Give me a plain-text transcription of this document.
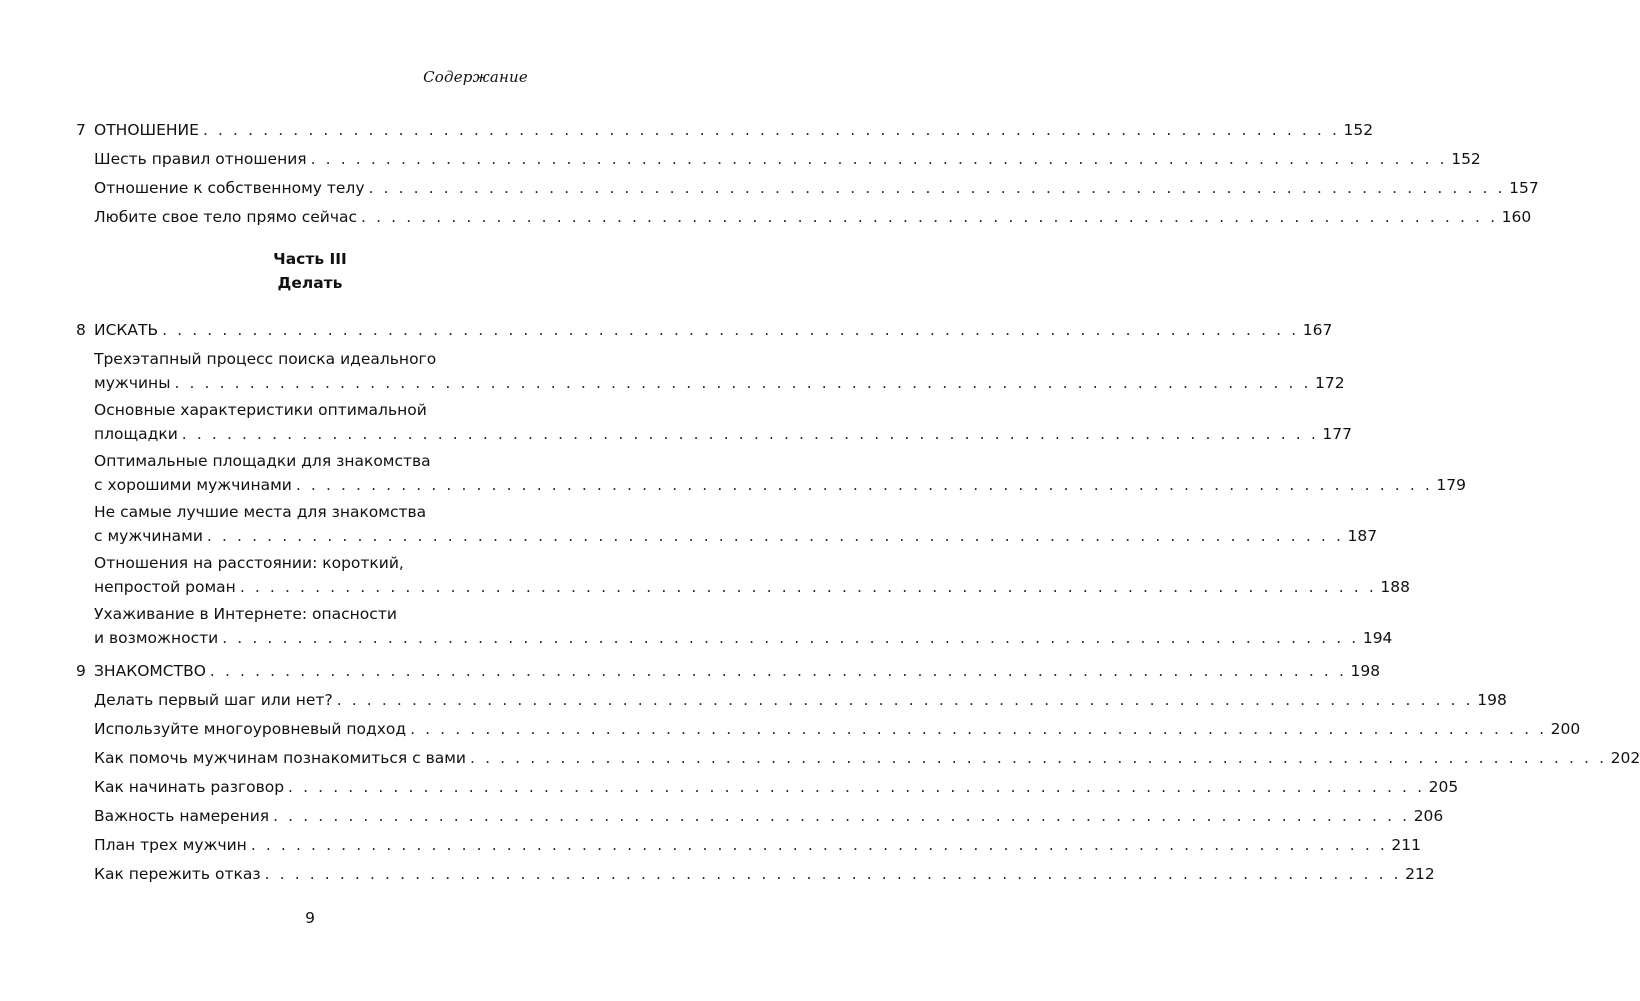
Содержание
7 ОТНОШЕНИЕ . . . . . . . . . . . . . . . . . . . . . . . . . . . . . . . . . . . . . . . . . . . . . . . . . . . . . . . . . . . . . . . . . . . . . . . . . . . . 152
Шесть правил отношения . . . . . . . . . . . . . . . . . . . . . . . . . . . . . . . . . . . . . . . . . . . . . . . . . . . . . . . . . . . . . . . . . . . . . . . . . . . . 152
Отношение к собственному телу . . . . . . . . . . . . . . . . . . . . . . . . . . . . . . . . . . . . . . . . . . . . . . . . . . . . . . . . . . . . . . . . . . . . . . . . . . . . 157
Любите свое тело прямо сейчас . . . . . . . . . . . . . . . . . . . . . . . . . . . . . . . . . . . . . . . . . . . . . . . . . . . . . . . . . . . . . . . . . . . . . . . . . . . . 160
Часть III
Делать
8 ИСКАТЬ . . . . . . . . . . . . . . . . . . . . . . . . . . . . . . . . . . . . . . . . . . . . . . . . . . . . . . . . . . . . . . . . . . . . . . . . . . . . 167
Трехэтапный процесс поиска идеального
мужчины . . . . . . . . . . . . . . . . . . . . . . . . . . . . . . . . . . . . . . . . . . . . . . . . . . . . . . . . . . . . . . . . . . . . . . . . . . . . 172
Основные характеристики оптимальной
площадки . . . . . . . . . . . . . . . . . . . . . . . . . . . . . . . . . . . . . . . . . . . . . . . . . . . . . . . . . . . . . . . . . . . . . . . . . . . . 177
Оптимальные площадки для знакомства
с хорошими мужчинами . . . . . . . . . . . . . . . . . . . . . . . . . . . . . . . . . . . . . . . . . . . . . . . . . . . . . . . . . . . . . . . . . . . . . . . . . . . . 179
Не самые лучшие места для знакомства
с мужчинами . . . . . . . . . . . . . . . . . . . . . . . . . . . . . . . . . . . . . . . . . . . . . . . . . . . . . . . . . . . . . . . . . . . . . . . . . . . . 187
Отношения на расстоянии: короткий,
непростой роман . . . . . . . . . . . . . . . . . . . . . . . . . . . . . . . . . . . . . . . . . . . . . . . . . . . . . . . . . . . . . . . . . . . . . . . . . . . . 188
Ухаживание в Интернете: опасности
и возможности . . . . . . . . . . . . . . . . . . . . . . . . . . . . . . . . . . . . . . . . . . . . . . . . . . . . . . . . . . . . . . . . . . . . . . . . . . . . 194
9 ЗНАКОМСТВО . . . . . . . . . . . . . . . . . . . . . . . . . . . . . . . . . . . . . . . . . . . . . . . . . . . . . . . . . . . . . . . . . . . . . . . . . . . . 198
Делать первый шаг или нет? . . . . . . . . . . . . . . . . . . . . . . . . . . . . . . . . . . . . . . . . . . . . . . . . . . . . . . . . . . . . . . . . . . . . . . . . . . . . 198
Используйте многоуровневый подход . . . . . . . . . . . . . . . . . . . . . . . . . . . . . . . . . . . . . . . . . . . . . . . . . . . . . . . . . . . . . . . . . . . . . . . . . . . . 200
Как помочь мужчинам познакомиться с вами . . . . . . . . . . . . . . . . . . . . . . . . . . . . . . . . . . . . . . . . . . . . . . . . . . . . . . . . . . . . . . . . . . . . . . . . . . . . 202
Как начинать разговор . . . . . . . . . . . . . . . . . . . . . . . . . . . . . . . . . . . . . . . . . . . . . . . . . . . . . . . . . . . . . . . . . . . . . . . . . . . . 205
Важность намерения . . . . . . . . . . . . . . . . . . . . . . . . . . . . . . . . . . . . . . . . . . . . . . . . . . . . . . . . . . . . . . . . . . . . . . . . . . . . 206
План трех мужчин . . . . . . . . . . . . . . . . . . . . . . . . . . . . . . . . . . . . . . . . . . . . . . . . . . . . . . . . . . . . . . . . . . . . . . . . . . . . 211
Как пережить отказ . . . . . . . . . . . . . . . . . . . . . . . . . . . . . . . . . . . . . . . . . . . . . . . . . . . . . . . . . . . . . . . . . . . . . . . . . . . . 212
9
